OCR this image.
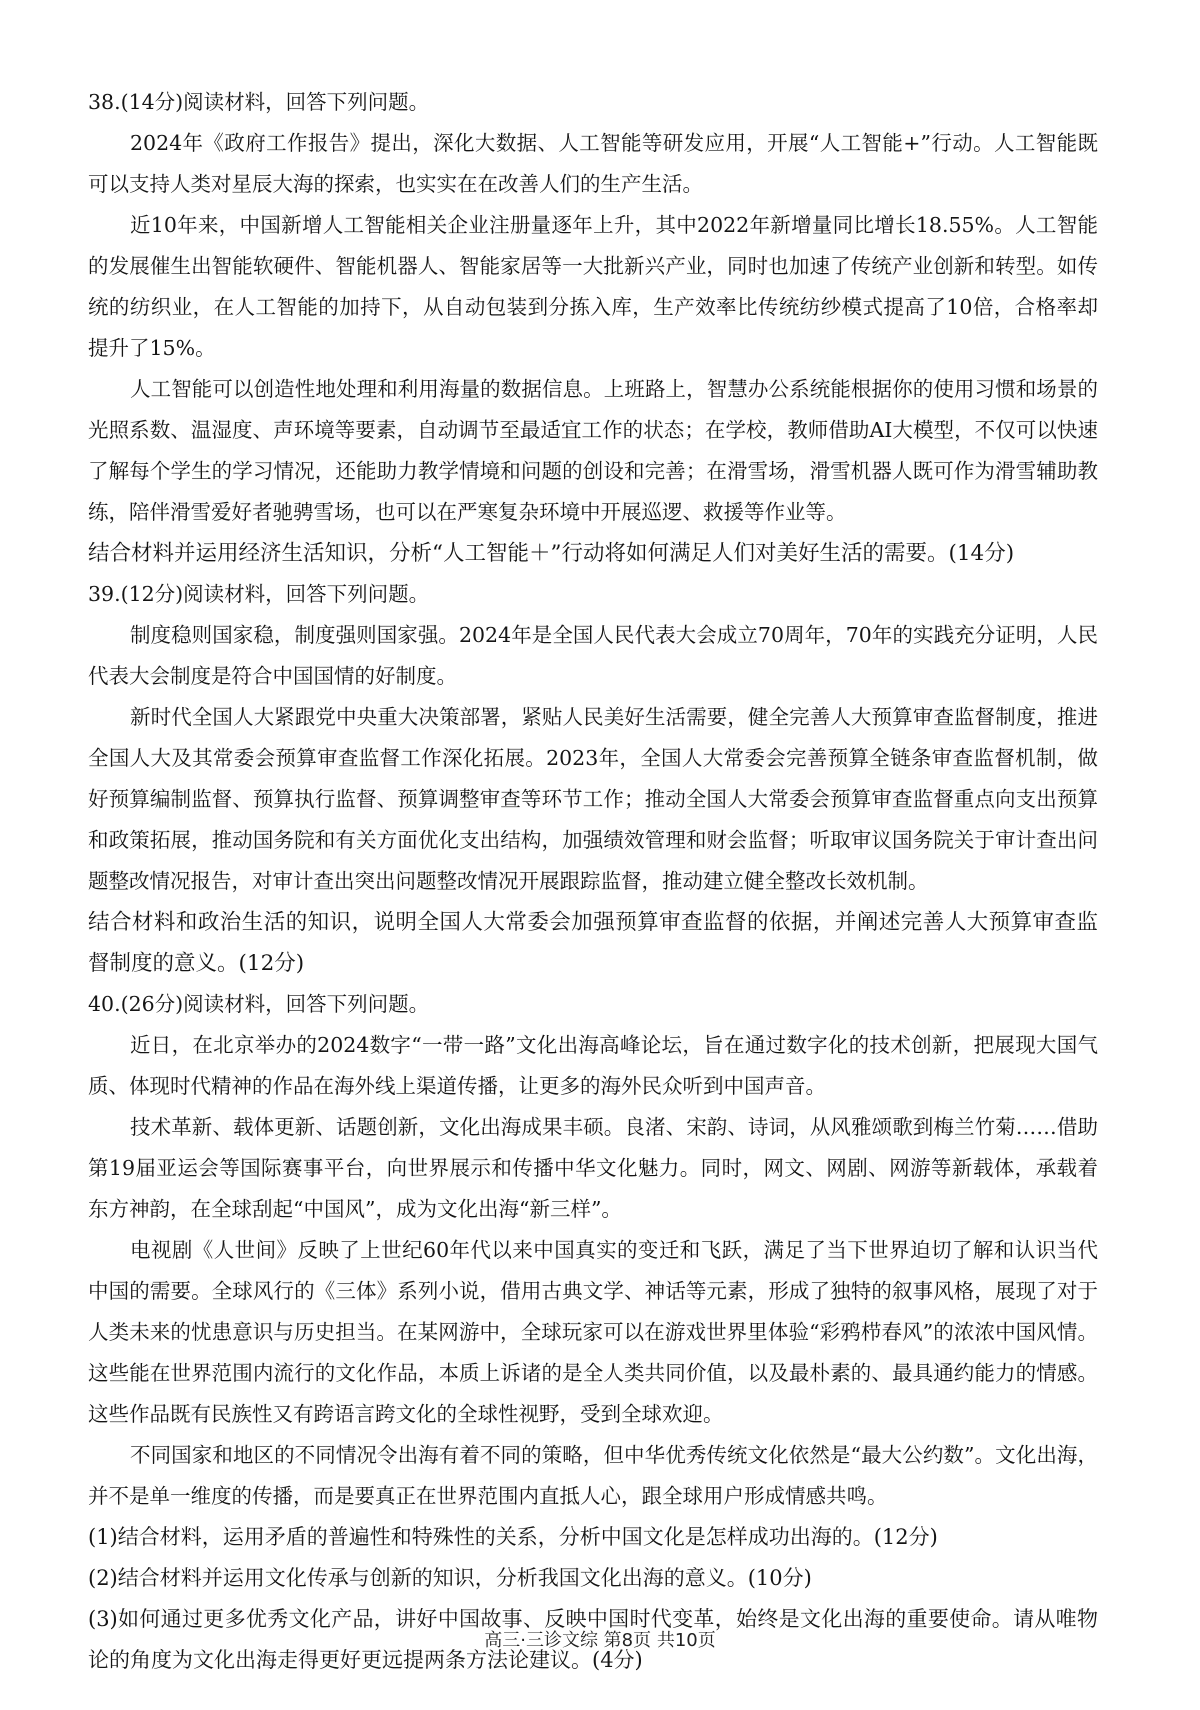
38.(14分)阅读材料，回答下列问题。

2024年《政府工作报告》提出，深化大数据、人工智能等研发应用，开展“人工智能+”行动。人工智能既可以支持人类对星辰大海的探索，也实实在在改善人们的生产生活。

近10年来，中国新增人工智能相关企业注册量逐年上升，其中2022年新增量同比增长18.55%。人工智能的发展催生出智能软硬件、智能机器人、智能家居等一大批新兴产业，同时也加速了传统产业创新和转型。如传统的纺织业，在人工智能的加持下，从自动包装到分拣入库，生产效率比传统纺纱模式提高了10倍，合格率却提升了15%。

人工智能可以创造性地处理和利用海量的数据信息。上班路上，智慧办公系统能根据你的使用习惯和场景的光照系数、温湿度、声环境等要素，自动调节至最适宜工作的状态；在学校，教师借助AI大模型，不仅可以快速了解每个学生的学习情况，还能助力教学情境和问题的创设和完善；在滑雪场，滑雪机器人既可作为滑雪辅助教练，陪伴滑雪爱好者驰骋雪场，也可以在严寒复杂环境中开展巡逻、救援等作业等。

结合材料并运用经济生活知识，分析“人工智能＋”行动将如何满足人们对美好生活的需要。(14分)

39.(12分)阅读材料，回答下列问题。

制度稳则国家稳，制度强则国家强。2024年是全国人民代表大会成立70周年，70年的实践充分证明，人民代表大会制度是符合中国国情的好制度。

新时代全国人大紧跟党中央重大决策部署，紧贴人民美好生活需要，健全完善人大预算审查监督制度，推进全国人大及其常委会预算审查监督工作深化拓展。2023年，全国人大常委会完善预算全链条审查监督机制，做好预算编制监督、预算执行监督、预算调整审查等环节工作；推动全国人大常委会预算审查监督重点向支出预算和政策拓展，推动国务院和有关方面优化支出结构，加强绩效管理和财会监督；听取审议国务院关于审计查出问题整改情况报告，对审计查出突出问题整改情况开展跟踪监督，推动建立健全整改长效机制。

结合材料和政治生活的知识，说明全国人大常委会加强预算审查监督的依据，并阐述完善人大预算审查监督制度的意义。(12分)

40.(26分)阅读材料，回答下列问题。

近日，在北京举办的2024数字“一带一路”文化出海高峰论坛，旨在通过数字化的技术创新，把展现大国气质、体现时代精神的作品在海外线上渠道传播，让更多的海外民众听到中国声音。

技术革新、载体更新、话题创新，文化出海成果丰硕。良渚、宋韵、诗词，从风雅颂歌到梅兰竹菊……借助第19届亚运会等国际赛事平台，向世界展示和传播中华文化魅力。同时，网文、网剧、网游等新载体，承载着东方神韵，在全球刮起“中国风”，成为文化出海“新三样”。

电视剧《人世间》反映了上世纪60年代以来中国真实的变迁和飞跃，满足了当下世界迫切了解和认识当代中国的需要。全球风行的《三体》系列小说，借用古典文学、神话等元素，形成了独特的叙事风格，展现了对于人类未来的忧患意识与历史担当。在某网游中，全球玩家可以在游戏世界里体验“彩鸦栉春风”的浓浓中国风情。这些能在世界范围内流行的文化作品，本质上诉诸的是全人类共同价值，以及最朴素的、最具通约能力的情感。这些作品既有民族性又有跨语言跨文化的全球性视野，受到全球欢迎。

不同国家和地区的不同情况令出海有着不同的策略，但中华优秀传统文化依然是“最大公约数”。文化出海，并不是单一维度的传播，而是要真正在世界范围内直抵人心，跟全球用户形成情感共鸣。

(1)结合材料，运用矛盾的普遍性和特殊性的关系，分析中国文化是怎样成功出海的。(12分)

(2)结合材料并运用文化传承与创新的知识，分析我国文化出海的意义。(10分)

(3)如何通过更多优秀文化产品，讲好中国故事、反映中国时代变革，始终是文化出海的重要使命。请从唯物论的角度为文化出海走得更好更远提两条方法论建议。(4分)

高三·三诊文综 第8页 共10页
